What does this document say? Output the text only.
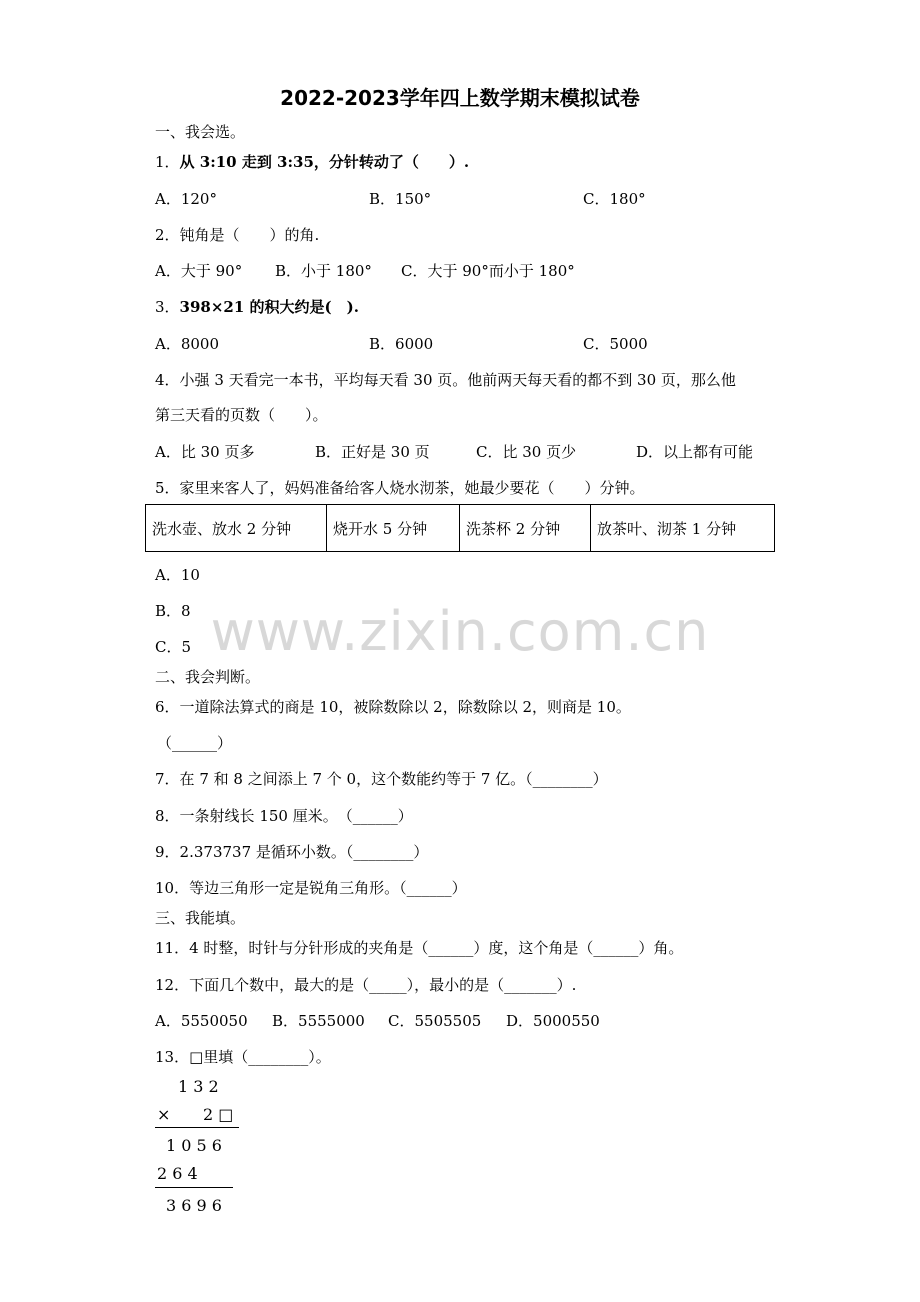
2022-2023学年四上数学期末模拟试卷
一、我会选。
1．从 3:10 走到 3:35，分针转动了（　　）.
A．120°	B．150°	C．180°
2．钝角是（　　）的角.
A．大于 90° B．小于 180° C．大于 90°而小于 180°
3．398×21 的积大约是(　).
A．8000	B．6000	C．5000
4．小强 3 天看完一本书，平均每天看 30 页。他前两天每天看的都不到 30 页，那么他
第三天看的页数（　　）。
A．比 30 页多	B．正好是 30 页	C．比 30 页少	D．以上都有可能
5．家里来客人了，妈妈准备给客人烧水沏茶，她最少要花（　　）分钟。
洗水壶、放水 2 分钟	烧开水 5 分钟	洗茶杯 2 分钟	放茶叶、沏茶 1 分钟
A．10
B．8
C．5 www.zixin.com.cn
二、我会判断。
6．一道除法算式的商是 10，被除数除以 2，除数除以 2，则商是 10。
（______）
7．在 7 和 8 之间添上 7 个 0，这个数能约等于 7 亿。（________）
8．一条射线长 150 厘米。　（______）
9．2.373737 是循环小数。（________）
10．等边三角形一定是锐角三角形。（______）
三、我能填。
11．4 时整，时针与分针形成的夹角是（______）度，这个角是（______）角。
12．下面几个数中，最大的是（_____），最小的是（_______）.
A．5550050 B．5555000 C．5505505 D．5000550
13．□里填（________）。
1 3 2
× 2 □
1 0 5 6
2 6 4
3 6 9 6
